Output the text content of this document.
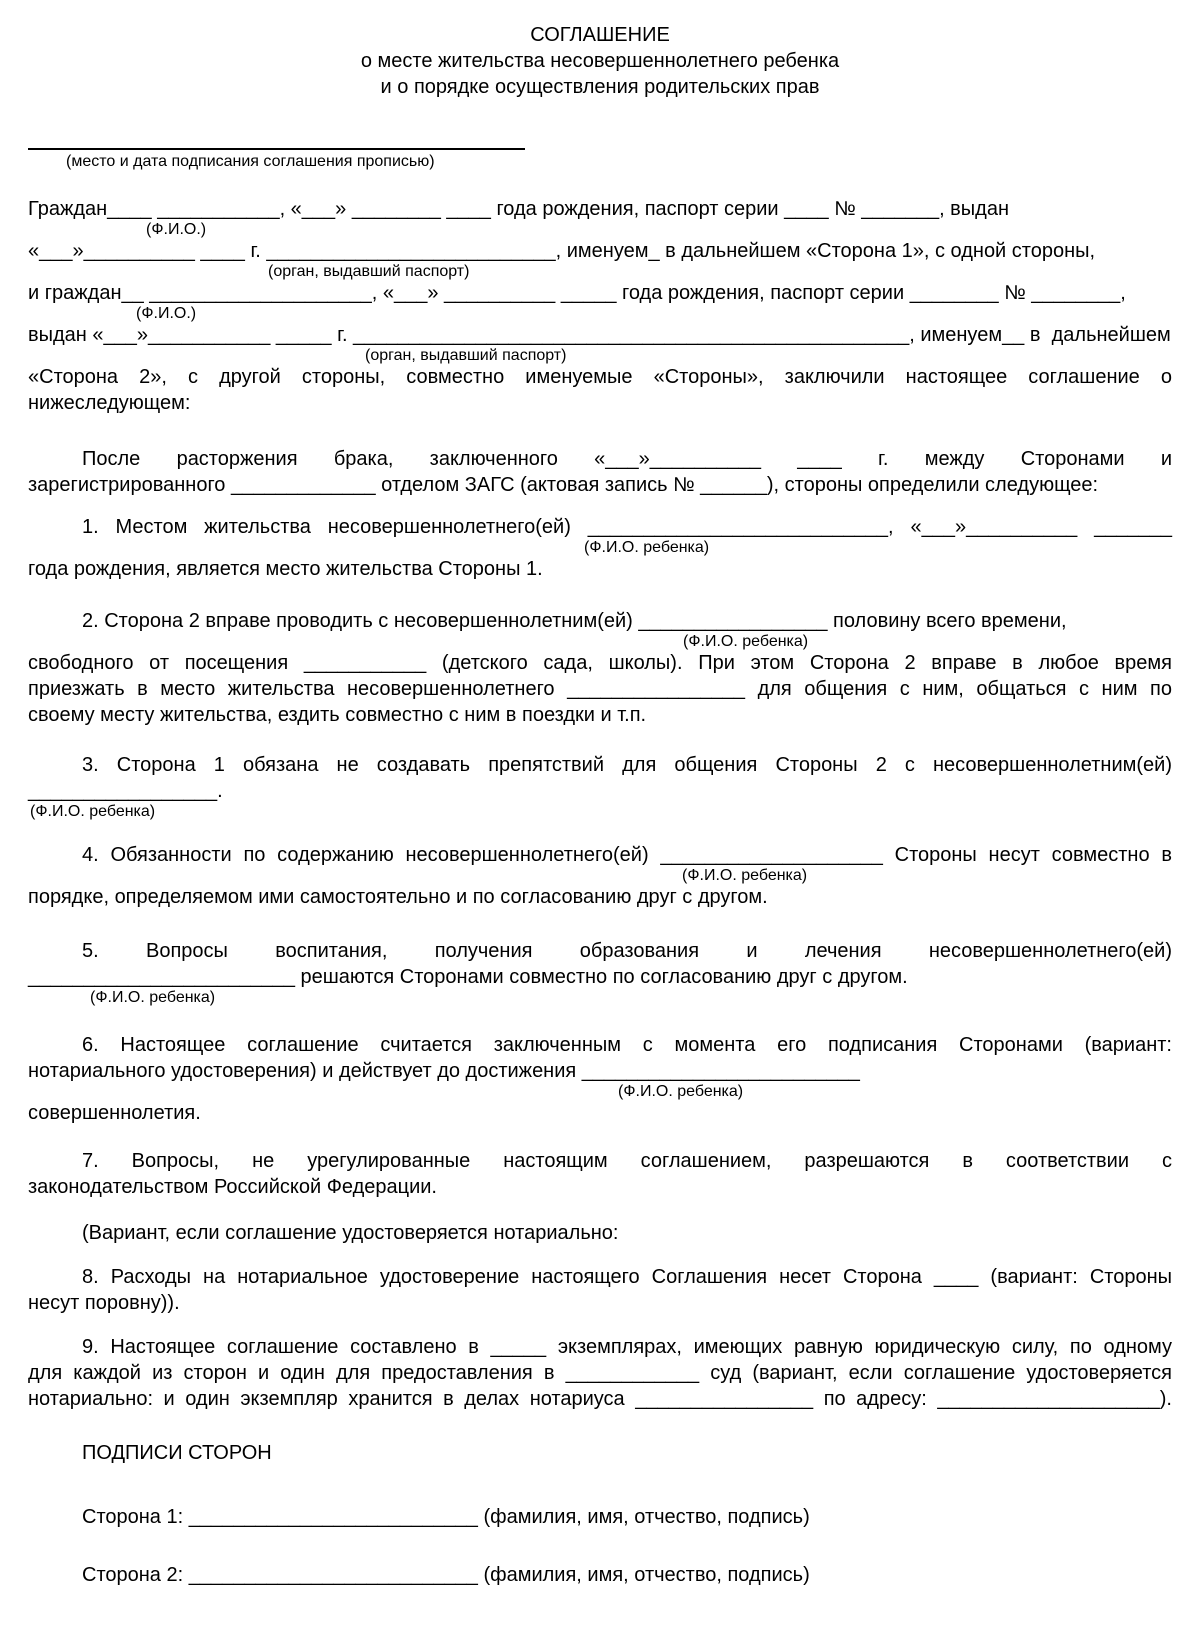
СОГЛАШЕНИЕ
о месте жительства несовершеннолетнего ребенка
и о порядке осуществления родительских прав
(место и дата подписания соглашения прописью)
Граждан____ ___________, «___» ________ ____ года рождения, паспорт серии ____ № _______, выдан
(Ф.И.О.)
«___»__________ ____ г. __________________________, именуем_ в дальнейшем «Сторона 1», с одной стороны,
(орган, выдавший паспорт)
и граждан__ ____________________, «___» __________ _____ года рождения, паспорт серии ________ № ________,
(Ф.И.О.)
выдан «___»___________ _____ г. __________________________________________________, именуем__ в  дальнейшем
(орган, выдавший паспорт)
«Сторона 2», с другой стороны, совместно именуемые «Стороны», заключили настоящее соглашение о
нижеследующем:
После расторжения брака, заключенного «___»__________ ____ г. между Сторонами и
зарегистрированного _____________ отделом ЗАГС (актовая запись № ______), стороны определили следующее:
1. Местом жительства несовершеннолетнего(ей) ___________________________, «___»__________ _______
(Ф.И.О. ребенка)
года рождения, является место жительства Стороны 1.
2. Сторона 2 вправе проводить с несовершеннолетним(ей) _________________ половину всего времени,
(Ф.И.О. ребенка)
свободного от посещения ___________ (детского сада, школы). При этом Сторона 2 вправе в любое время
приезжать в место жительства несовершеннолетнего ________________ для общения с ним, общаться с ним по
своему месту жительства, ездить совместно с ним в поездки и т.п.
3. Сторона 1 обязана не создавать препятствий для общения Стороны 2 с несовершеннолетним(ей)
_________________.
(Ф.И.О. ребенка)
4. Обязанности по содержанию несовершеннолетнего(ей) ____________________ Стороны несут совместно в
(Ф.И.О. ребенка)
порядке, определяемом ими самостоятельно и по согласованию друг с другом.
5. Вопросы воспитания, получения образования и лечения несовершеннолетнего(ей)
________________________ решаются Сторонами совместно по согласованию друг с другом.
(Ф.И.О. ребенка)
6. Настоящее соглашение считается заключенным с момента его подписания Сторонами (вариант:
нотариального удостоверения) и действует до достижения _________________________
(Ф.И.О. ребенка)
совершеннолетия.
7. Вопросы, не урегулированные настоящим соглашением, разрешаются в соответствии с
законодательством Российской Федерации.
(Вариант, если соглашение удостоверяется нотариально:
8. Расходы на нотариальное удостоверение настоящего Соглашения несет Сторона ____ (вариант: Стороны
несут поровну)).
9. Настоящее соглашение составлено в _____ экземплярах, имеющих равную юридическую силу, по одному
для каждой из сторон и один для предоставления в ____________ суд (вариант, если соглашение удостоверяется
нотариально: и один экземпляр хранится в делах нотариуса ________________ по адресу: ____________________).
ПОДПИСИ СТОРОН
Сторона 1: __________________________ (фамилия, имя, отчество, подпись)
Сторона 2: __________________________ (фамилия, имя, отчество, подпись)
